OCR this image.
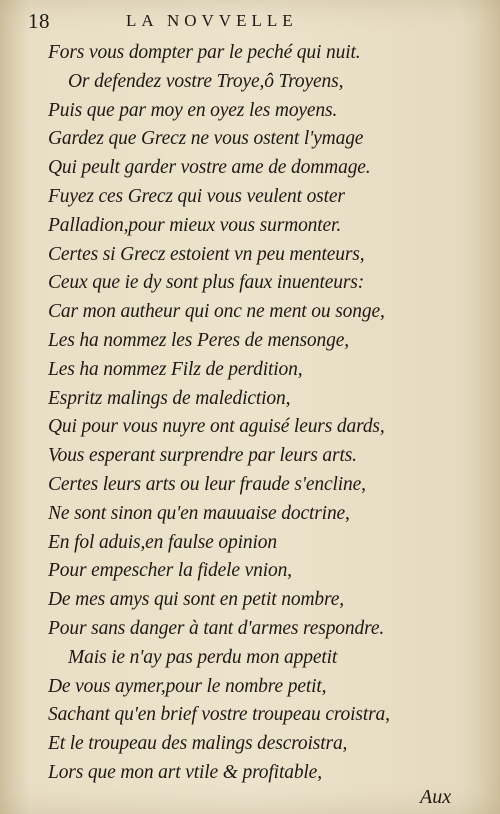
18	LA NOVVELLE
Fors vous dompter par le peché qui nuit.
Or defendez vostre Troye,ô Troyens,
Puis que par moy en oyez les moyens.
Gardez que Grecz ne vous ostent l'ymage
Qui peult garder vostre ame de dommage.
Fuyez ces Grecz qui vous veulent oster
Palladion,pour mieux vous surmonter.
Certes si Grecz estoient vn peu menteurs,
Ceux que ie dy sont plus faux inuenteurs:
Car mon autheur qui onc ne ment ou songe,
Les ha nommez les Peres de mensonge,
Les ha nommez Filz de perdition,
Espritz malings de malediction,
Qui pour vous nuyre ont aguisé leurs dards,
Vous esperant surprendre par leurs arts.
Certes leurs arts ou leur fraude s'encline,
Ne sont sinon qu'en mauuaise doctrine,
En fol aduis,en faulse opinion
Pour empescher la fidele vnion,
De mes amys qui sont en petit nombre,
Pour sans danger à tant d'armes respondre.
Mais ie n'ay pas perdu mon appetit
De vous aymer,pour le nombre petit,
Sachant qu'en brief vostre troupeau croistra,
Et le troupeau des malings descroistra,
Lors que mon art vtile & profitable,
Aux
